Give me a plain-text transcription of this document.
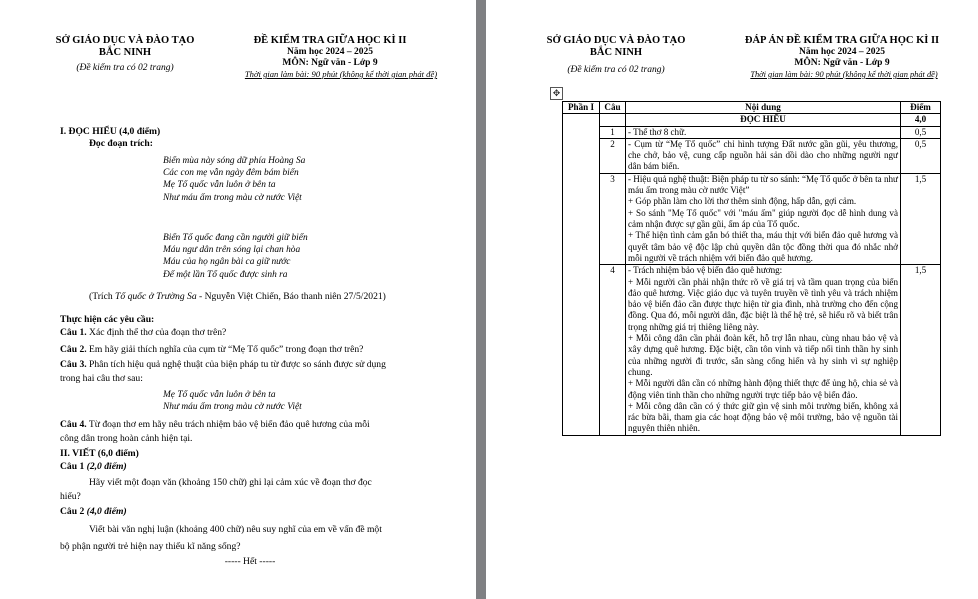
SỞ GIÁO DỤC VÀ ĐÀO TẠO
BẮC NINH
(Đề kiểm tra có 02 trang)
ĐỀ KIỂM TRA GIỮA HỌC KÌ II
Năm học 2024 – 2025
MÔN: Ngữ văn - Lớp 9
Thời gian làm bài: 90 phút (không kể thời gian phát đề)
I. ĐỌC HIỂU (4,0 điểm)
Đọc đoạn trích:
Biển mùa này sóng dữ phía Hoàng Sa
Các con mẹ vẫn ngày đêm bám biển
Mẹ Tổ quốc vẫn luôn ở bên ta
Như máu ấm trong màu cờ nước Việt
Biển Tổ quốc đang cần người giữ biển
Máu ngư dân trên sóng lại chan hòa
Máu của họ ngân bài ca giữ nước
Để một lần Tổ quốc được sinh ra
(Trích Tổ quốc ở Trường Sa - Nguyễn Việt Chiến, Báo thanh niên 27/5/2021)
Thực hiện các yêu cầu:
Câu 1. Xác định thể thơ của đoạn thơ trên?
Câu 2. Em hãy giải thích nghĩa của cụm từ “Mẹ Tổ quốc” trong đoạn thơ trên?
Câu 3. Phân tích hiệu quả nghệ thuật của biện pháp tu từ được so sánh được sử dụng
trong hai câu thơ sau:
Mẹ Tổ quốc vẫn luôn ở bên ta
Như máu ấm trong màu cờ nước Việt
Câu 4. Từ đoạn thơ em hãy nêu trách nhiệm bảo vệ biển đảo quê hương của mỗi
công dân trong hoàn cảnh hiện tại.
II. VIẾT (6,0 điểm)
Câu 1 (2,0 điểm)
Hãy viết một đoạn văn (khoảng 150 chữ) ghi lại cảm xúc về đoạn thơ đọc
hiểu?
Câu 2 (4,0 điểm)
Viết bài văn nghị luận (khoảng 400 chữ) nêu suy nghĩ của em về vấn đề một
bộ phận người trẻ hiện nay thiếu kĩ năng sống?
----- Hết -----
SỞ GIÁO DỤC VÀ ĐÀO TẠO
BẮC NINH
(Đề kiểm tra có 02 trang)
ĐÁP ÁN ĐỀ KIỂM TRA GIỮA HỌC KÌ II
Năm học 2024 – 2025
MÔN: Ngữ văn - Lớp 9
Thời gian làm bài: 90 phút (không kể thời gian phát đề)
✥
Phần I	Câu	Nội dung	Điểm
		ĐỌC HIỂU	4,0
	1	- Thể thơ 8 chữ.	0,5
	2	- Cụm từ “Mẹ Tổ quốc” chỉ hình tượng Đất nước gần gũi, yêu thương, che chở, bảo vệ, cung cấp nguồn hải sản dồi dào cho những người ngư dân bám biển.	0,5
	3	- Hiệu quả nghệ thuật: Biện pháp tu từ so sánh: “Mẹ Tổ quốc ở bên ta như máu ấm trong màu cờ nước Việt”

+ Góp phần làm cho lời thơ thêm sinh động, hấp dẫn, gợi cảm.

+ So sánh "Mẹ Tổ quốc" với "máu ấm" giúp người đọc dễ hình dung và cảm nhận được sự gần gũi, ấm áp của Tổ quốc.

+ Thể hiện tình cảm gắn bó thiết tha, máu thịt với biển đảo quê hương và quyết tâm bảo vệ độc lập chủ quyền dân tộc đồng thời qua đó nhắc nhở mỗi người về trách nhiệm với biển đảo quê hương.	1,5
	4	- Trách nhiệm bảo vệ biển đảo quê hương:

+ Mỗi người cần phải nhận thức rõ về giá trị và tầm quan trọng của biển đảo quê hương. Việc giáo dục và tuyên truyền về tình yêu và trách nhiệm bảo vệ biển đảo cần được thực hiện từ gia đình, nhà trường cho đến cộng đồng. Qua đó, mỗi người dân, đặc biệt là thế hệ trẻ, sẽ hiểu rõ và biết trân trọng những giá trị thiêng liêng này.

+ Mỗi công dân cần phải đoàn kết, hỗ trợ lẫn nhau, cùng nhau bảo vệ và xây dựng quê hương. Đặc biệt, cần tôn vinh và tiếp nối tinh thần hy sinh của những người đi trước, sẵn sàng cống hiến và hy sinh vì sự nghiệp chung.

+ Mỗi người dân cần có những hành động thiết thực để ủng hộ, chia sẻ và động viên tinh thần cho những người trực tiếp bảo vệ biển đảo.

+ Mỗi công dân cần có ý thức giữ gìn vệ sinh môi trường biển, không xả rác bừa bãi, tham gia các hoạt động bảo vệ môi trường, bảo vệ nguồn tài nguyên thiên nhiên.	1,5
